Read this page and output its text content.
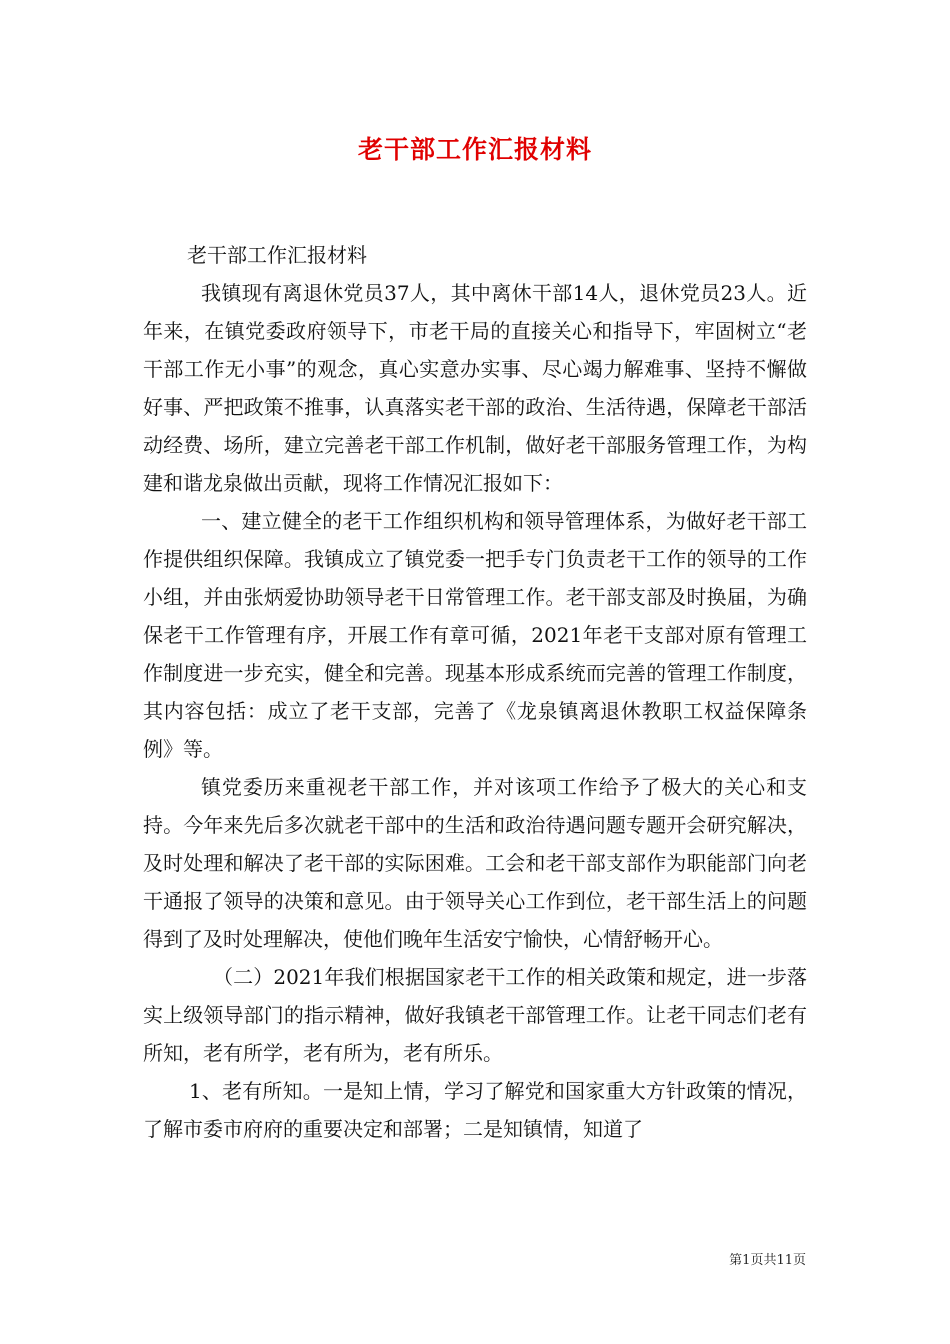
老干部工作汇报材料

老干部工作汇报材料

我镇现有离退休党员37人，其中离休干部14人，退休党员23人。近年来，在镇党委政府领导下，市老干局的直接关心和指导下，牢固树立“老干部工作无小事”的观念，真心实意办实事、尽心竭力解难事、坚持不懈做好事、严把政策不推事，认真落实老干部的政治、生活待遇，保障老干部活动经费、场所，建立完善老干部工作机制，做好老干部服务管理工作，为构建和谐龙泉做出贡献，现将工作情况汇报如下：

一、建立健全的老干工作组织机构和领导管理体系，为做好老干部工作提供组织保障。我镇成立了镇党委一把手专门负责老干工作的领导的工作小组，并由张炳爱协助领导老干日常管理工作。老干部支部及时换届，为确保老干工作管理有序，开展工作有章可循，2021年老干支部对原有管理工作制度进一步充实，健全和完善。现基本形成系统而完善的管理工作制度，其内容包括：成立了老干支部，完善了《龙泉镇离退休教职工权益保障条例》等。

镇党委历来重视老干部工作，并对该项工作给予了极大的关心和支持。今年来先后多次就老干部中的生活和政治待遇问题专题开会研究解决，及时处理和解决了老干部的实际困难。工会和老干部支部作为职能部门向老干通报了领导的决策和意见。由于领导关心工作到位，老干部生活上的问题得到了及时处理解决，使他们晚年生活安宁愉快，心情舒畅开心。

（二）2021年我们根据国家老干工作的相关政策和规定，进一步落实上级领导部门的指示精神，做好我镇老干部管理工作。让老干同志们老有所知，老有所学，老有所为，老有所乐。

1、老有所知。一是知上情，学习了解党和国家重大方针政策的情况，了解市委市府府的重要决定和部署；二是知镇情，知道了

第1页共11页
